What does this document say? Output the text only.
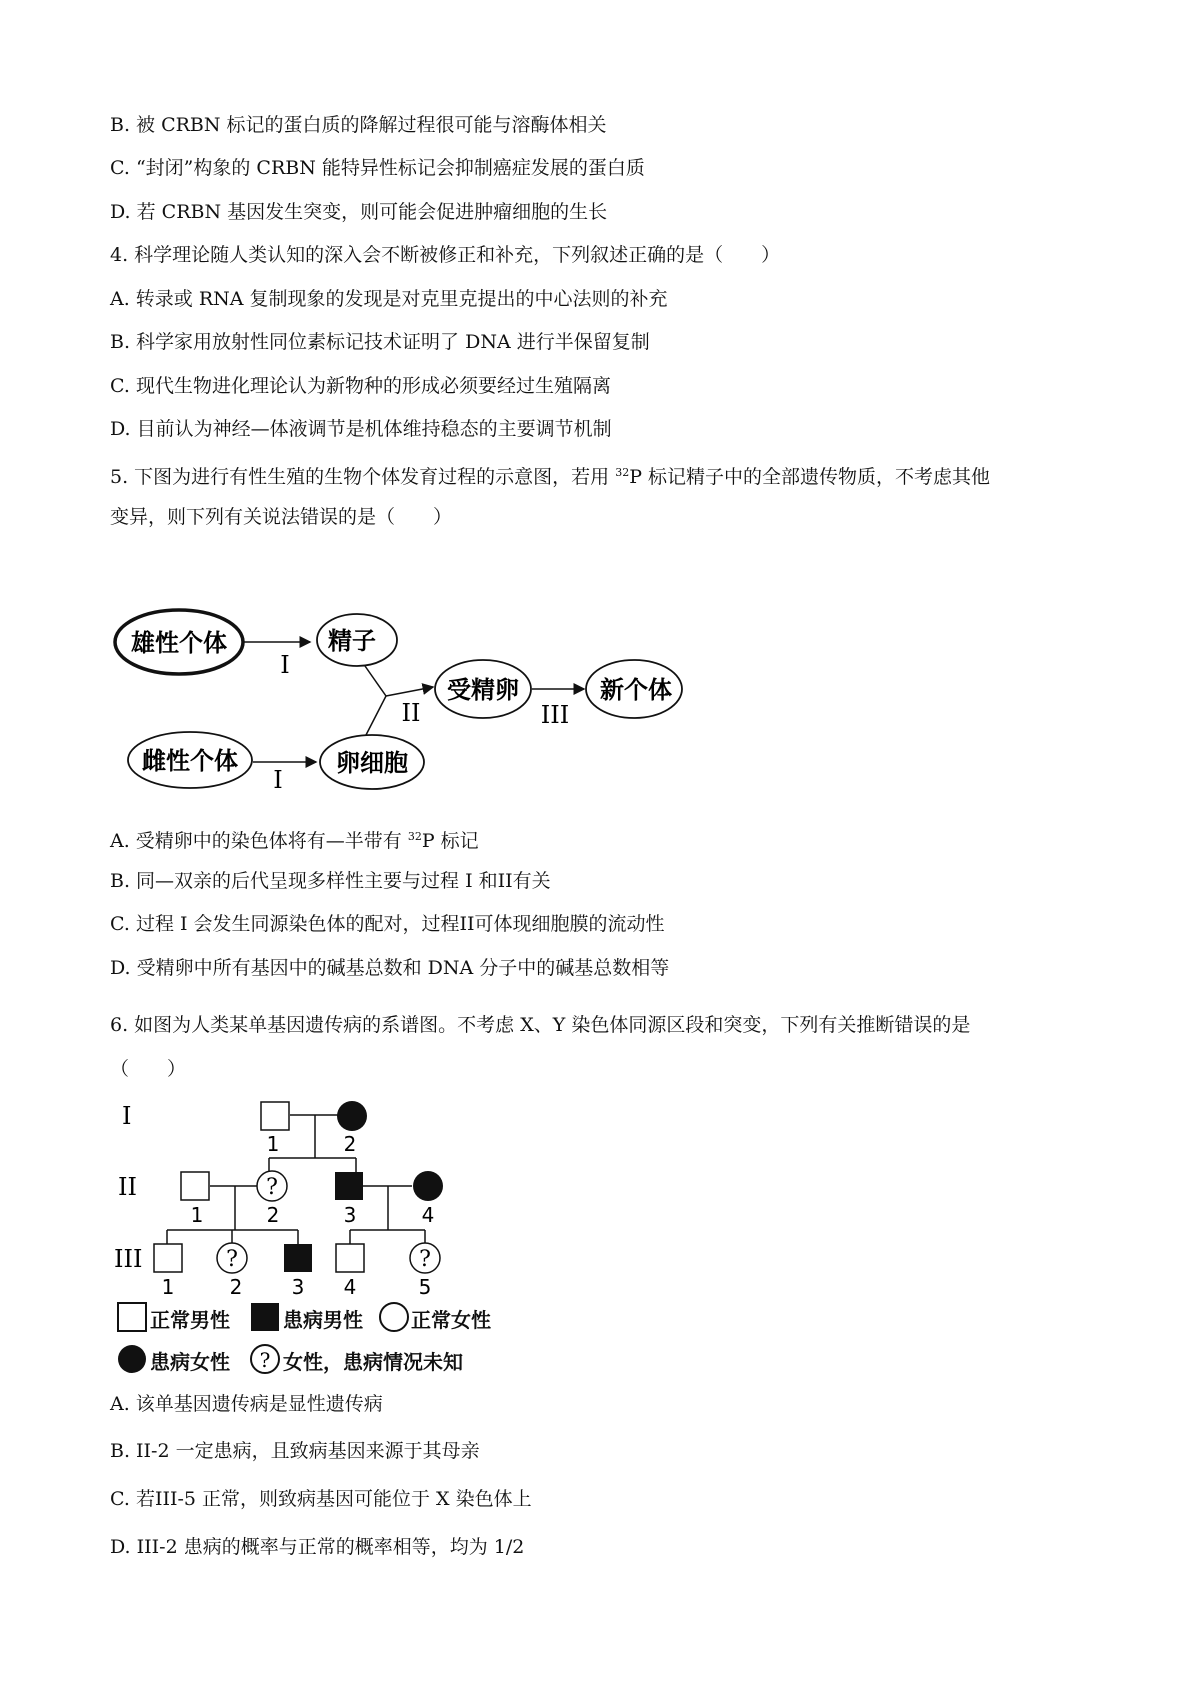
B. 被 CRBN 标记的蛋白质的降解过程很可能与溶酶体相关
C. “封闭”构象的 CRBN 能特异性标记会抑制癌症发展的蛋白质
D. 若 CRBN 基因发生突变，则可能会促进肿瘤细胞的生长
4. 科学理论随人类认知的深入会不断被修正和补充，下列叙述正确的是（　　）
A. 转录或 RNA 复制现象的发现是对克里克提出的中心法则的补充
B. 科学家用放射性同位素标记技术证明了 DNA 进行半保留复制
C. 现代生物进化理论认为新物种的形成必须要经过生殖隔离
D. 目前认为神经—体液调节是机体维持稳态的主要调节机制
5. 下图为进行有性生殖的生物个体发育过程的示意图，若用 $^{32}$P 标记精子中的全部遗传物质，不考虑其他
变异，则下列有关说法错误的是（　　）
雄性个体	精子
雌性个体	卵细胞
受精卵	新个体
I
I
II	III
A. 受精卵中的染色体将有—半带有 $^{32}$P 标记
B. 同—双亲的后代呈现多样性主要与过程 I 和II有关
C. 过程 I 会发生同源染色体的配对，过程II可体现细胞膜的流动性
D. 受精卵中所有基因中的碱基总数和 DNA 分子中的碱基总数相等
6. 如图为人类某单基因遗传病的系谱图。不考虑 X、Y 染色体同源区段和突变，下列有关推断错误的是
（　　）
I
II
III
?
?	?
1	2
1	2	3	4
1	2 3 4	5
?
正常男性	患病男性 正常女性
患病女性	女性，患病情况未知
A. 该单基因遗传病是显性遗传病
B. II-2 一定患病，且致病基因来源于其母亲
C. 若III-5 正常，则致病基因可能位于 X 染色体上
D. III-2 患病的概率与正常的概率相等，均为 1/2
